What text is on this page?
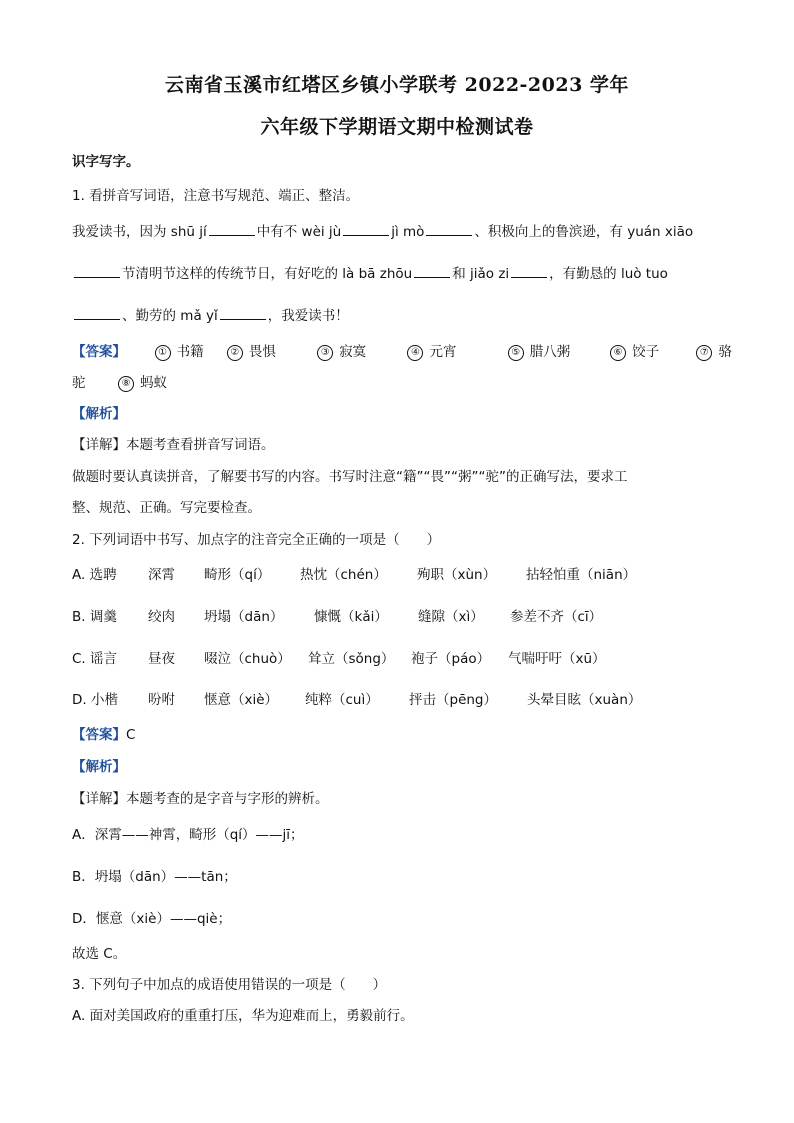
云南省玉溪市红塔区乡镇小学联考 2022-2023 学年
六年级下学期语文期中检测试卷
识字写字。
1. 看拼音写词语，注意书写规范、端正、整洁。
我爱读书，因为 shū jí	中有不 wèi jù	jì mò	、积极向上的鲁滨逊，有 yuán xiāo
节清明节这样的传统节日，有好吃的 là bā zhōu	和 jiǎo zi	，有勤恳的 luò tuo
、勤劳的 mǎ yǐ	，我爱读书！
【答案】	① 书籍	② 畏惧	③ 寂寞	④ 元宵	⑤ 腊八粥	⑥ 饺子	⑦ 骆
驼	⑧ 蚂蚁
【解析】
【详解】本题考查看拼音写词语。
做题时要认真读拼音，了解要书写的内容。书写时注意“籍”“畏”“粥”“驼”的正确写法，要求工
整、规范、正确。写完要检查。
2. 下列词语中书写、加点字的注音完全正确的一项是（　　）
A. 选聘 深霄 畸形（qí） 热忱（chén） 殉职（xùn） 拈轻怕重（niān）
B. 调羹 绞肉 坍塌（dān） 慷慨（kǎi） 缝隙（xì） 参差不齐（cī）
C. 谣言 昼夜 啜泣（chuò） 耸立（sǒng） 袍子（páo） 气喘吁吁（xū）
D. 小楷 吩咐 惬意（xiè） 纯粹（cuì） 抨击（pēng） 头晕目眩（xuàn）
【答案】C
【解析】
【详解】本题考查的是字音与字形的辨析。
A．深霄——神霄，畸形（qí）——jī；
B．坍塌（dān）——tān；
D．惬意（xiè）——qiè；
故选 C。
3. 下列句子中加点的成语使用错误的一项是（　　）
A. 面对美国政府的重重打压，华为迎难而上，勇毅前行。
